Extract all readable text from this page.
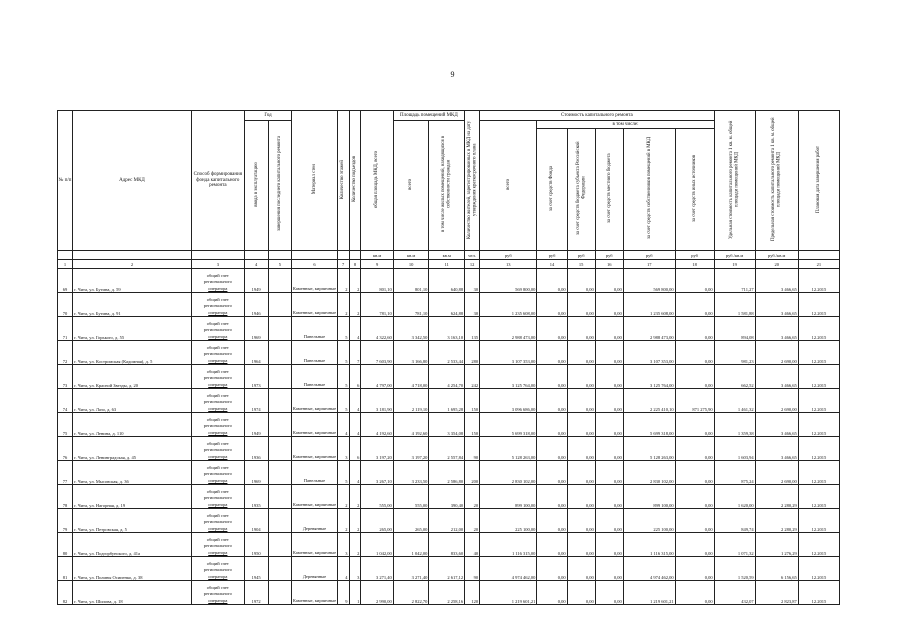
9
№ п/п	Адрес МКД	Способ формирования фонда капитального ремонта	Год		Материал стен	Количество этажей	Количество подъездов	общая площадь МКД, всего	Площадь помещений МКД		Количество жителей, зарегистрированных в МКД на дату утверждения краткосрочного плана	Стоимость капитального ремонта						Удельная стоимость капитального ремонта 1 кв. м. общей площади помещений МКД	Предельная стоимость капитального ремонта 1 кв. м. общей площади помещений МКД	Плановая дата завершения работ
			ввода в эксплуатацию	завершения последнего капитального ремонта					всего	в том числе жилых помещений, находящихся в собственности граждан		всего	в том числе:							
													за счет средств Фонда	за счет средств бюджета субъекта Российской Федерации	за счет средств местного бюджета	за счет средств собственников помещений в МКД	за счет средств иных источников			
								кв.м	кв.м	кв.м	чел.	руб	руб	руб	руб	руб	руб	руб./кв.м	руб./кв.м	
1	2	3	4	5	6	7	8	9	10	11	12	13	14	15	16	17	18	19	20	21
69	г. Чита, ул. Бутина, д. 59	общий счет
регионального
оператора	1949		Каменные, кирпичные	2	2	801,10	801,10	640,88	30	569 800,00	0,00	0,00	0,00	569 800,00	0,00	711,27	3 466,65	12.2015
70	г. Чита, ул. Бутина, д. 91	общий счет
регионального
оператора	1946		Каменные, кирпичные	2	2	781,10	781,10	624,88	30	1 235 608,00	0,00	0,00	0,00	1 235 608,00	0,00	1 581,88	3 466,65	12.2015
71	г. Чита, ул. Горького, д. 55	общий счет
регионального
оператора	1969		Панельные	5	4	4 322,60	3 342,50	3 163,10	135	2 988 473,00	0,00	0,00	0,00	2 988 473,00	0,00	894,08	3 466,65	12.2015
72	г. Чита, ул. Костромская (Кадомная), д. 5	общий счет
регионального
оператора	1964		Панельные	5	7	7 603,90	3 166,80	2 533,44	280	3 107 353,00	0,00	0,00	0,00	3 107 353,00	0,00	981,23	2 690,00	12.2015
73	г. Чита, ул. Красной Звезды, д. 20	общий счет
регионального
оператора	1973		Панельные	5	6	4 797,00	4 718,00	4 254,70	242	3 125 764,00	0,00	0,00	0,00	3 125 764,00	0,00	662,52	3 466,65	12.2015
74	г. Чита, ул. Лазо, д. 63	общий счет
регионального
оператора	1974		Каменные, кирпичные	5	4	3 181,90	2 119,10	1 695,28	150	3 096 686,00	0,00	0,00	0,00	2 225 410,10	871 275,90	1 461,32	2 690,00	12.2015
75	г. Чита, ул. Ленина, д. 110	общий счет
регионального
оператора	1949		Каменные, кирпичные	4	4	4 192,60	4 192,60	3 354,08	150	5 699 318,00	0,00	0,00	0,00	5 699 318,00	0,00	1 359,38	3 466,65	12.2015
76	г. Чита, ул. Ленинградская, д. 45	общий счет
регионального
оператора	1936		Каменные, кирпичные	3	6	3 197,20	3 197,20	2 557,84	90	5 128 263,00	0,00	0,00	0,00	5 128 263,00	0,00	1 603,94	3 466,65	12.2015
77	г. Чита, ул. Мысовская, д. 36	общий счет
регионального
оператора	1969		Панельные	5	4	3 267,10	3 233,50	2 586,80	200	2 830 102,00	0,00	0,00	0,00	2 830 102,00	0,00	875,24	2 690,00	12.2015
78	г. Чита, ул. Нагорная, д. 19	общий счет
регионального
оператора	1935		Каменные, кирпичные	2	2	555,00	555,00	390,40	20	899 100,00	0,00	0,00	0,00	899 100,00	0,00	1 620,00	2 280,29	12.2015
79	г. Чита, ул. Петровская, д. 5	общий счет
регионального
оператора	1904		Деревянные	2	2	265,00	265,00	212,00	20	225 100,00	0,00	0,00	0,00	225 100,00	0,00	849,74	2 280,29	12.2015
80	г. Чита, ул. Подгорбунского, д. 41а	общий счет
регионального
оператора	1950		Каменные, кирпичные	3	2	1 042,00	1 042,00	833,60	40	1 116 315,00	0,00	0,00	0,00	1 116 315,00	0,00	1 071,32	1 276,29	12.2015
81	г. Чита, ул. Полины Осипенко, д. 38	общий счет
регионального
оператора	1945		Деревянные	4	3	3 271,40	3 271,40	2 617,12	90	4 974 462,00	0,00	0,00	0,00	4 974 462,00	0,00	1 520,59	6 156,65	12.2015
82	г. Чита, ул. Шилова, д. 18	общий счет
регионального
оператора	1972		Каменные, кирпичные	9	1	2 990,00	2 822,70	2 258,16	120	1 219 601,21	0,00	0,00	0,00	1 219 601,21	0,00	432,07	2 823,87	12.2015
